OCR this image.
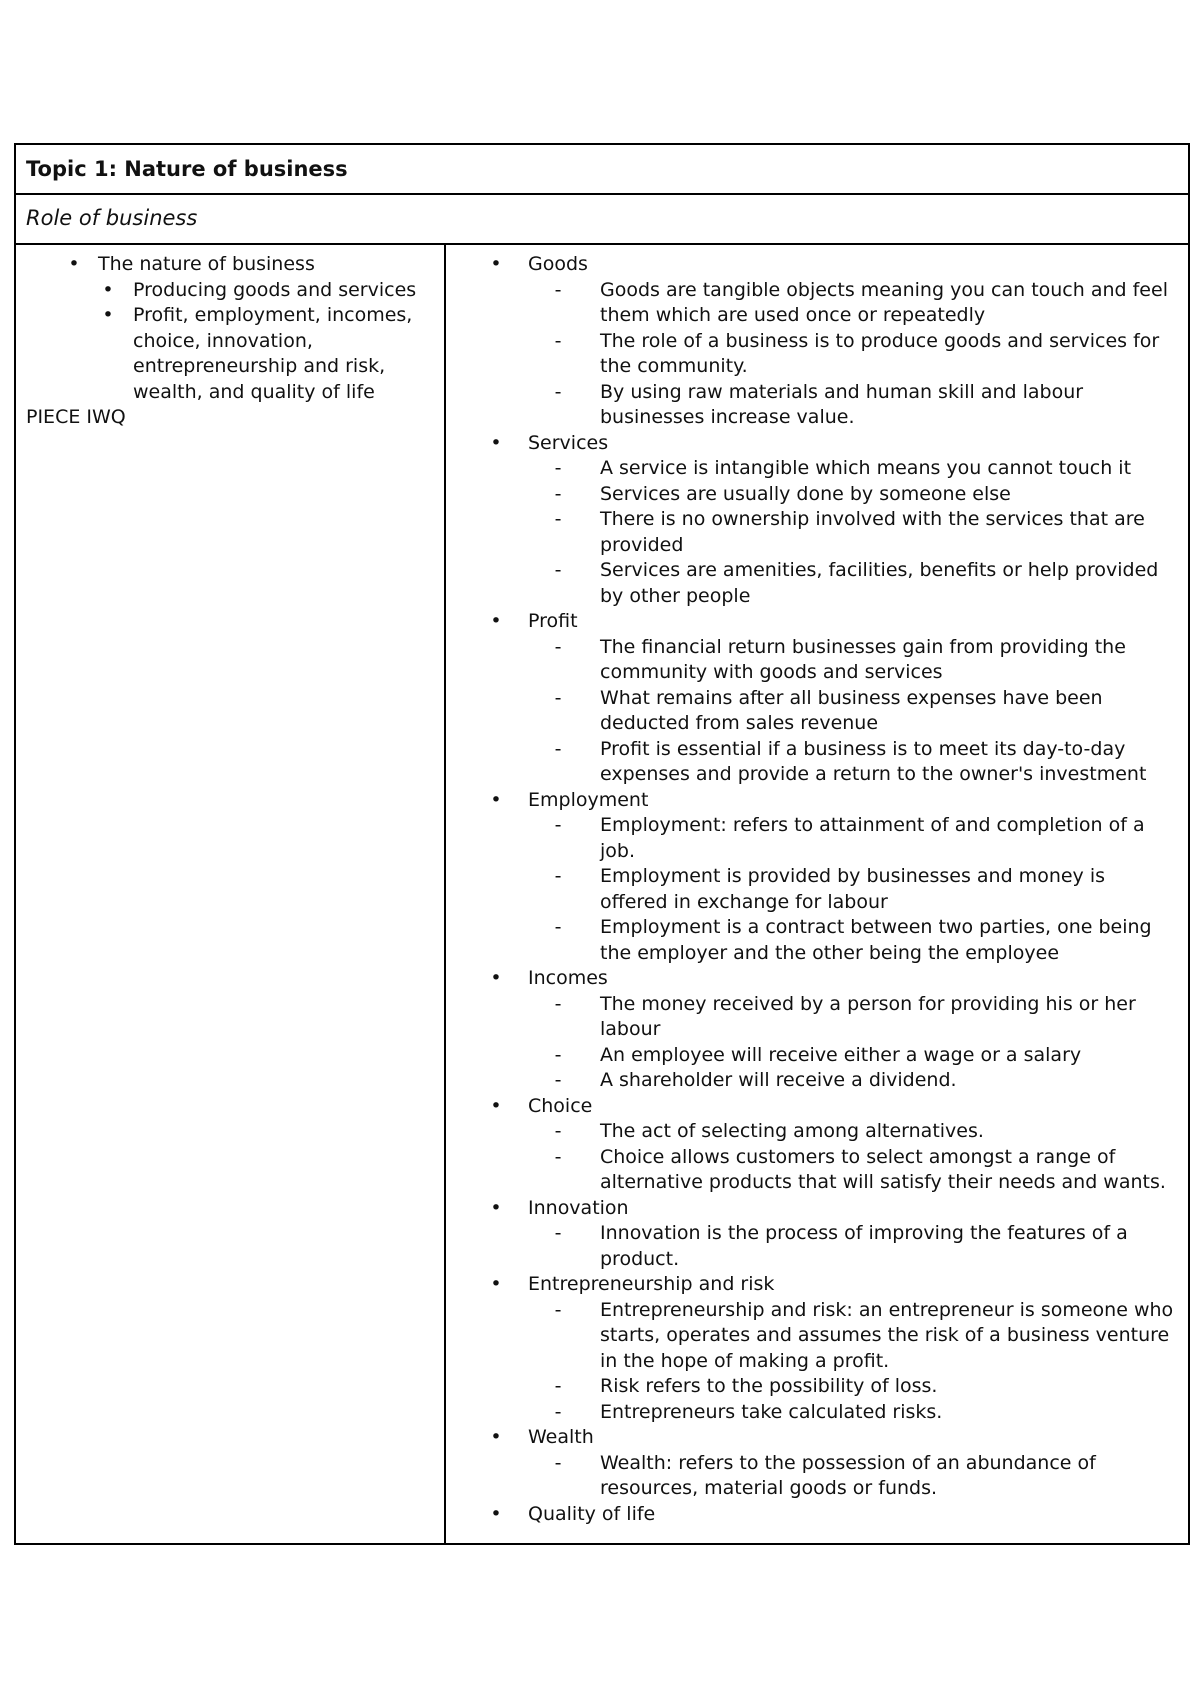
Topic 1: Nature of business
Role of business
• The nature of business
• Producing goods and services
• Profit, employment, incomes, choice, innovation, entrepreneurship and risk, wealth, and quality of life
PIECE IWQ
• Goods
-	Goods are tangible objects meaning you can touch and feel them which are used once or repeatedly
-	The role of a business is to produce goods and services for the community.
-	By using raw materials and human skill and labour businesses increase value.
• Services
-	A service is intangible which means you cannot touch it
-	Services are usually done by someone else
-	There is no ownership involved with the services that are provided
-	Services are amenities, facilities, benefits or help provided by other people
• Profit
-	The financial return businesses gain from providing the community with goods and services
-	What remains after all business expenses have been deducted from sales revenue
-	Profit is essential if a business is to meet its day-to-day expenses and provide a return to the owner's investment
• Employment
-	Employment: refers to attainment of and completion of a job.
-	Employment is provided by businesses and money is offered in exchange for labour
-	Employment is a contract between two parties, one being the employer and the other being the employee
• Incomes
-	The money received by a person for providing his or her labour
-	An employee will receive either a wage or a salary
-	A shareholder will receive a dividend.
• Choice
-	The act of selecting among alternatives.
-	Choice allows customers to select amongst a range of alternative products that will satisfy their needs and wants.
• Innovation
-	Innovation is the process of improving the features of a product.
• Entrepreneurship and risk
-	Entrepreneurship and risk: an entrepreneur is someone who starts, operates and assumes the risk of a business venture in the hope of making a profit.
-	Risk refers to the possibility of loss.
-	Entrepreneurs take calculated risks.
• Wealth
-	Wealth: refers to the possession of an abundance of resources, material goods or funds.
• Quality of life
